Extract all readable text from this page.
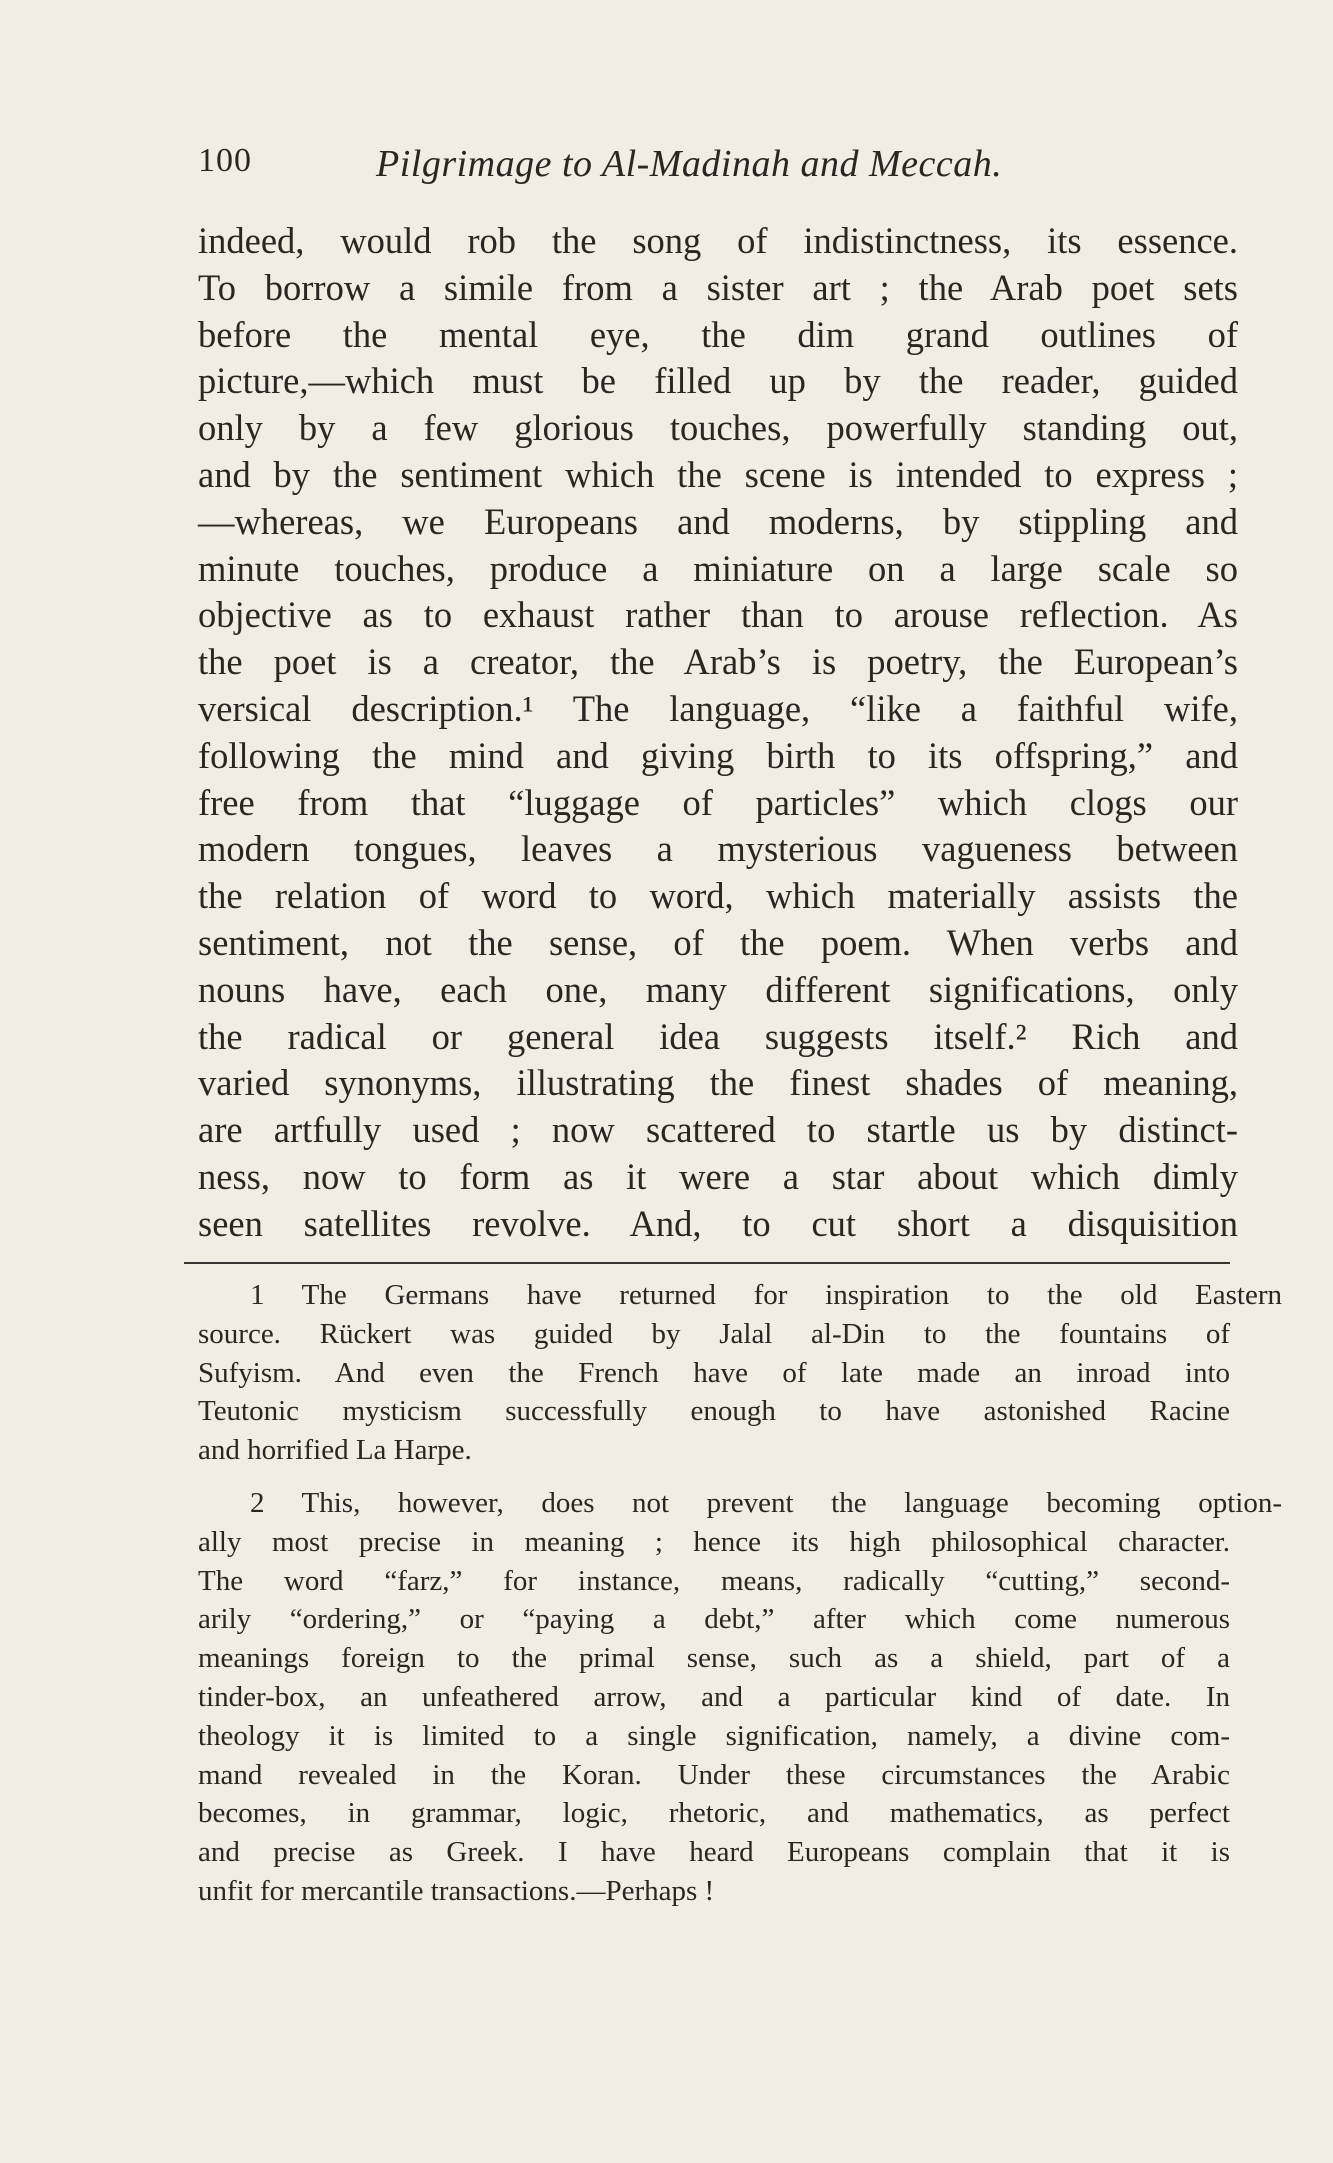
100	Pilgrimage to Al-Madinah and Meccah.
indeed, would rob the song of indistinctness, its essence.
To borrow a simile from a sister art ; the Arab poet sets
before the mental eye, the dim grand outlines of
picture,—which must be filled up by the reader, guided
only by a few glorious touches, powerfully standing out,
and by the sentiment which the scene is intended to express ;
—whereas, we Europeans and moderns, by stippling and
minute touches, produce a miniature on a large scale so
objective as to exhaust rather than to arouse reflection. As
the poet is a creator, the Arab’s is poetry, the European’s
versical description.¹ The language, “like a faithful wife,
following the mind and giving birth to its offspring,” and
free from that “luggage of particles” which clogs our
modern tongues, leaves a mysterious vagueness between
the relation of word to word, which materially assists the
sentiment, not the sense, of the poem. When verbs and
nouns have, each one, many different significations, only
the radical or general idea suggests itself.² Rich and
varied synonyms, illustrating the finest shades of meaning,
are artfully used ; now scattered to startle us by distinct-
ness, now to form as it were a star about which dimly
seen satellites revolve. And, to cut short a disquisition
1 The Germans have returned for inspiration to the old Eastern
source. Rückert was guided by Jalal al-Din to the fountains of
Sufyism. And even the French have of late made an inroad into
Teutonic mysticism successfully enough to have astonished Racine
and horrified La Harpe.
2 This, however, does not prevent the language becoming option-
ally most precise in meaning ; hence its high philosophical character.
The word “farz,” for instance, means, radically “cutting,” second-
arily “ordering,” or “paying a debt,” after which come numerous
meanings foreign to the primal sense, such as a shield, part of a
tinder-box, an unfeathered arrow, and a particular kind of date. In
theology it is limited to a single signification, namely, a divine com-
mand revealed in the Koran. Under these circumstances the Arabic
becomes, in grammar, logic, rhetoric, and mathematics, as perfect
and precise as Greek. I have heard Europeans complain that it is
unfit for mercantile transactions.—Perhaps !
